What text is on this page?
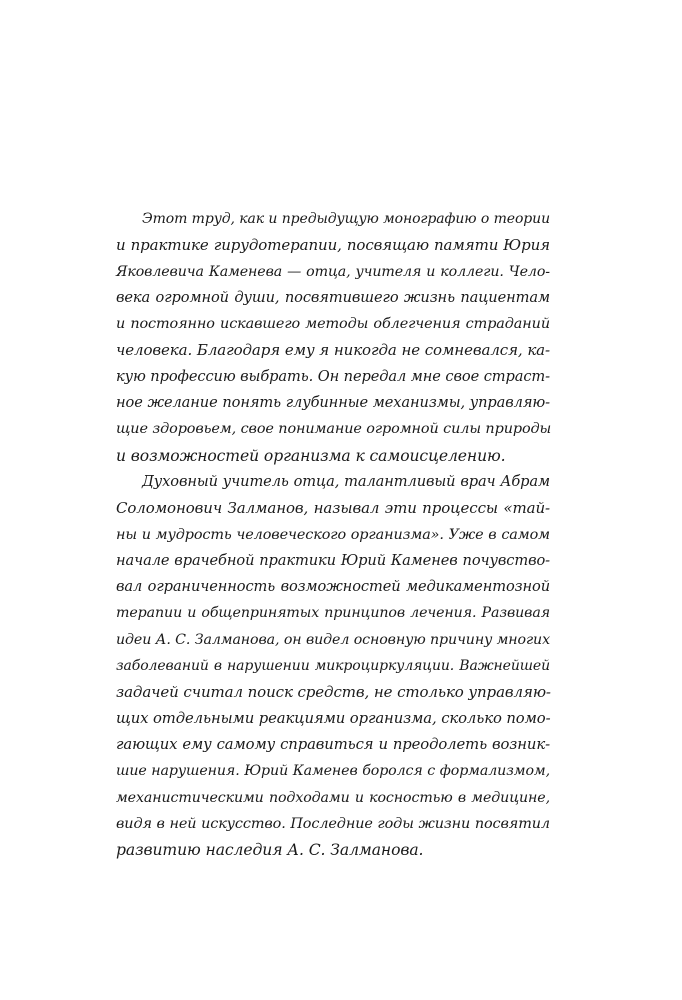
Этот труд, как и предыдущую монографию о теории
и практике гирудотерапии, посвящаю памяти Юрия
Яковлевича Каменева — отца, учителя и коллеги. Чело-
века огромной души, посвятившего жизнь пациентам
и постоянно искавшего методы облегчения страданий
человека. Благодаря ему я никогда не сомневался, ка-
кую профессию выбрать. Он передал мне свое страст-
ное желание понять глубинные механизмы, управляю-
щие здоровьем, свое понимание огромной силы природы
и возможностей организма к самоисцелению.
Духовный учитель отца, талантливый врач Абрам
Соломонович Залманов, называл эти процессы «тай-
ны и мудрость человеческого организма». Уже в самом
начале врачебной практики Юрий Каменев почувство-
вал ограниченность возможностей медикаментозной
терапии и общепринятых принципов лечения. Развивая
идеи А. С. Залманова, он видел основную причину многих
заболеваний в нарушении микроциркуляции. Важнейшей
задачей считал поиск средств, не столько управляю-
щих отдельными реакциями организма, сколько помо-
гающих ему самому справиться и преодолеть возник-
шие нарушения. Юрий Каменев боролся с формализмом,
механистическими подходами и косностью в медицине,
видя в ней искусство. Последние годы жизни посвятил
развитию наследия А. С. Залманова.
